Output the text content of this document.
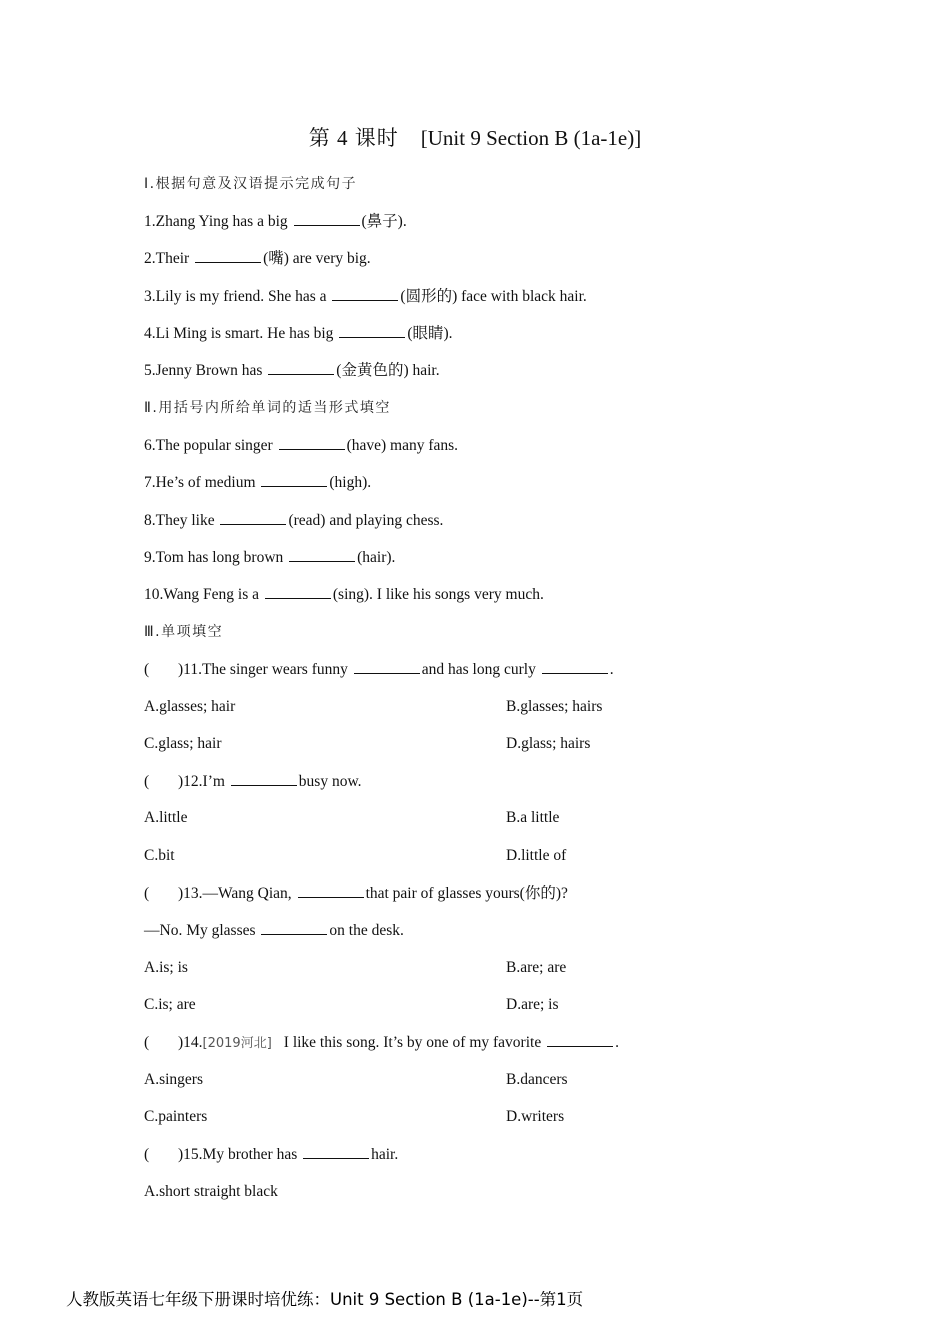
第 4 课时 [Unit 9 Section B (1a-1e)]
Ⅰ.根据句意及汉语提示完成句子
1.Zhang Ying has a big	(鼻子).
2.Their	(嘴) are very big.
3.Lily is my friend. She has a	(圆形的) face with black hair.
4.Li Ming is smart. He has big	(眼睛).
5.Jenny Brown has	(金黄色的) hair.
Ⅱ.用括号内所给单词的适当形式填空
6.The popular singer	(have) many fans.
7.He’s of medium	(high).
8.They like	(read) and playing chess.
9.Tom has long brown	(hair).
10.Wang Feng is a	(sing). I like his songs very much.
Ⅲ.单项填空
( )11.The singer wears funny	and has long curly	.
A.glasses; hair	B.glasses; hairs
C.glass; hair	D.glass; hairs
( )12.I’m	busy now.
A.little	B.a little
C.bit	D.little of
( )13.—Wang Qian,	that pair of glasses yours(你的)?
—No. My glasses	on the desk.
A.is; is	B.are; are
C.is; are	D.are; is
( )14.[2019河北] I like this song. It’s by one of my favorite	.
A.singers	B.dancers
C.painters	D.writers
( )15.My brother has	hair.
A.short straight black
人教版英语七年级下册课时培优练：Unit 9 Section B (1a-1e)--第1页
